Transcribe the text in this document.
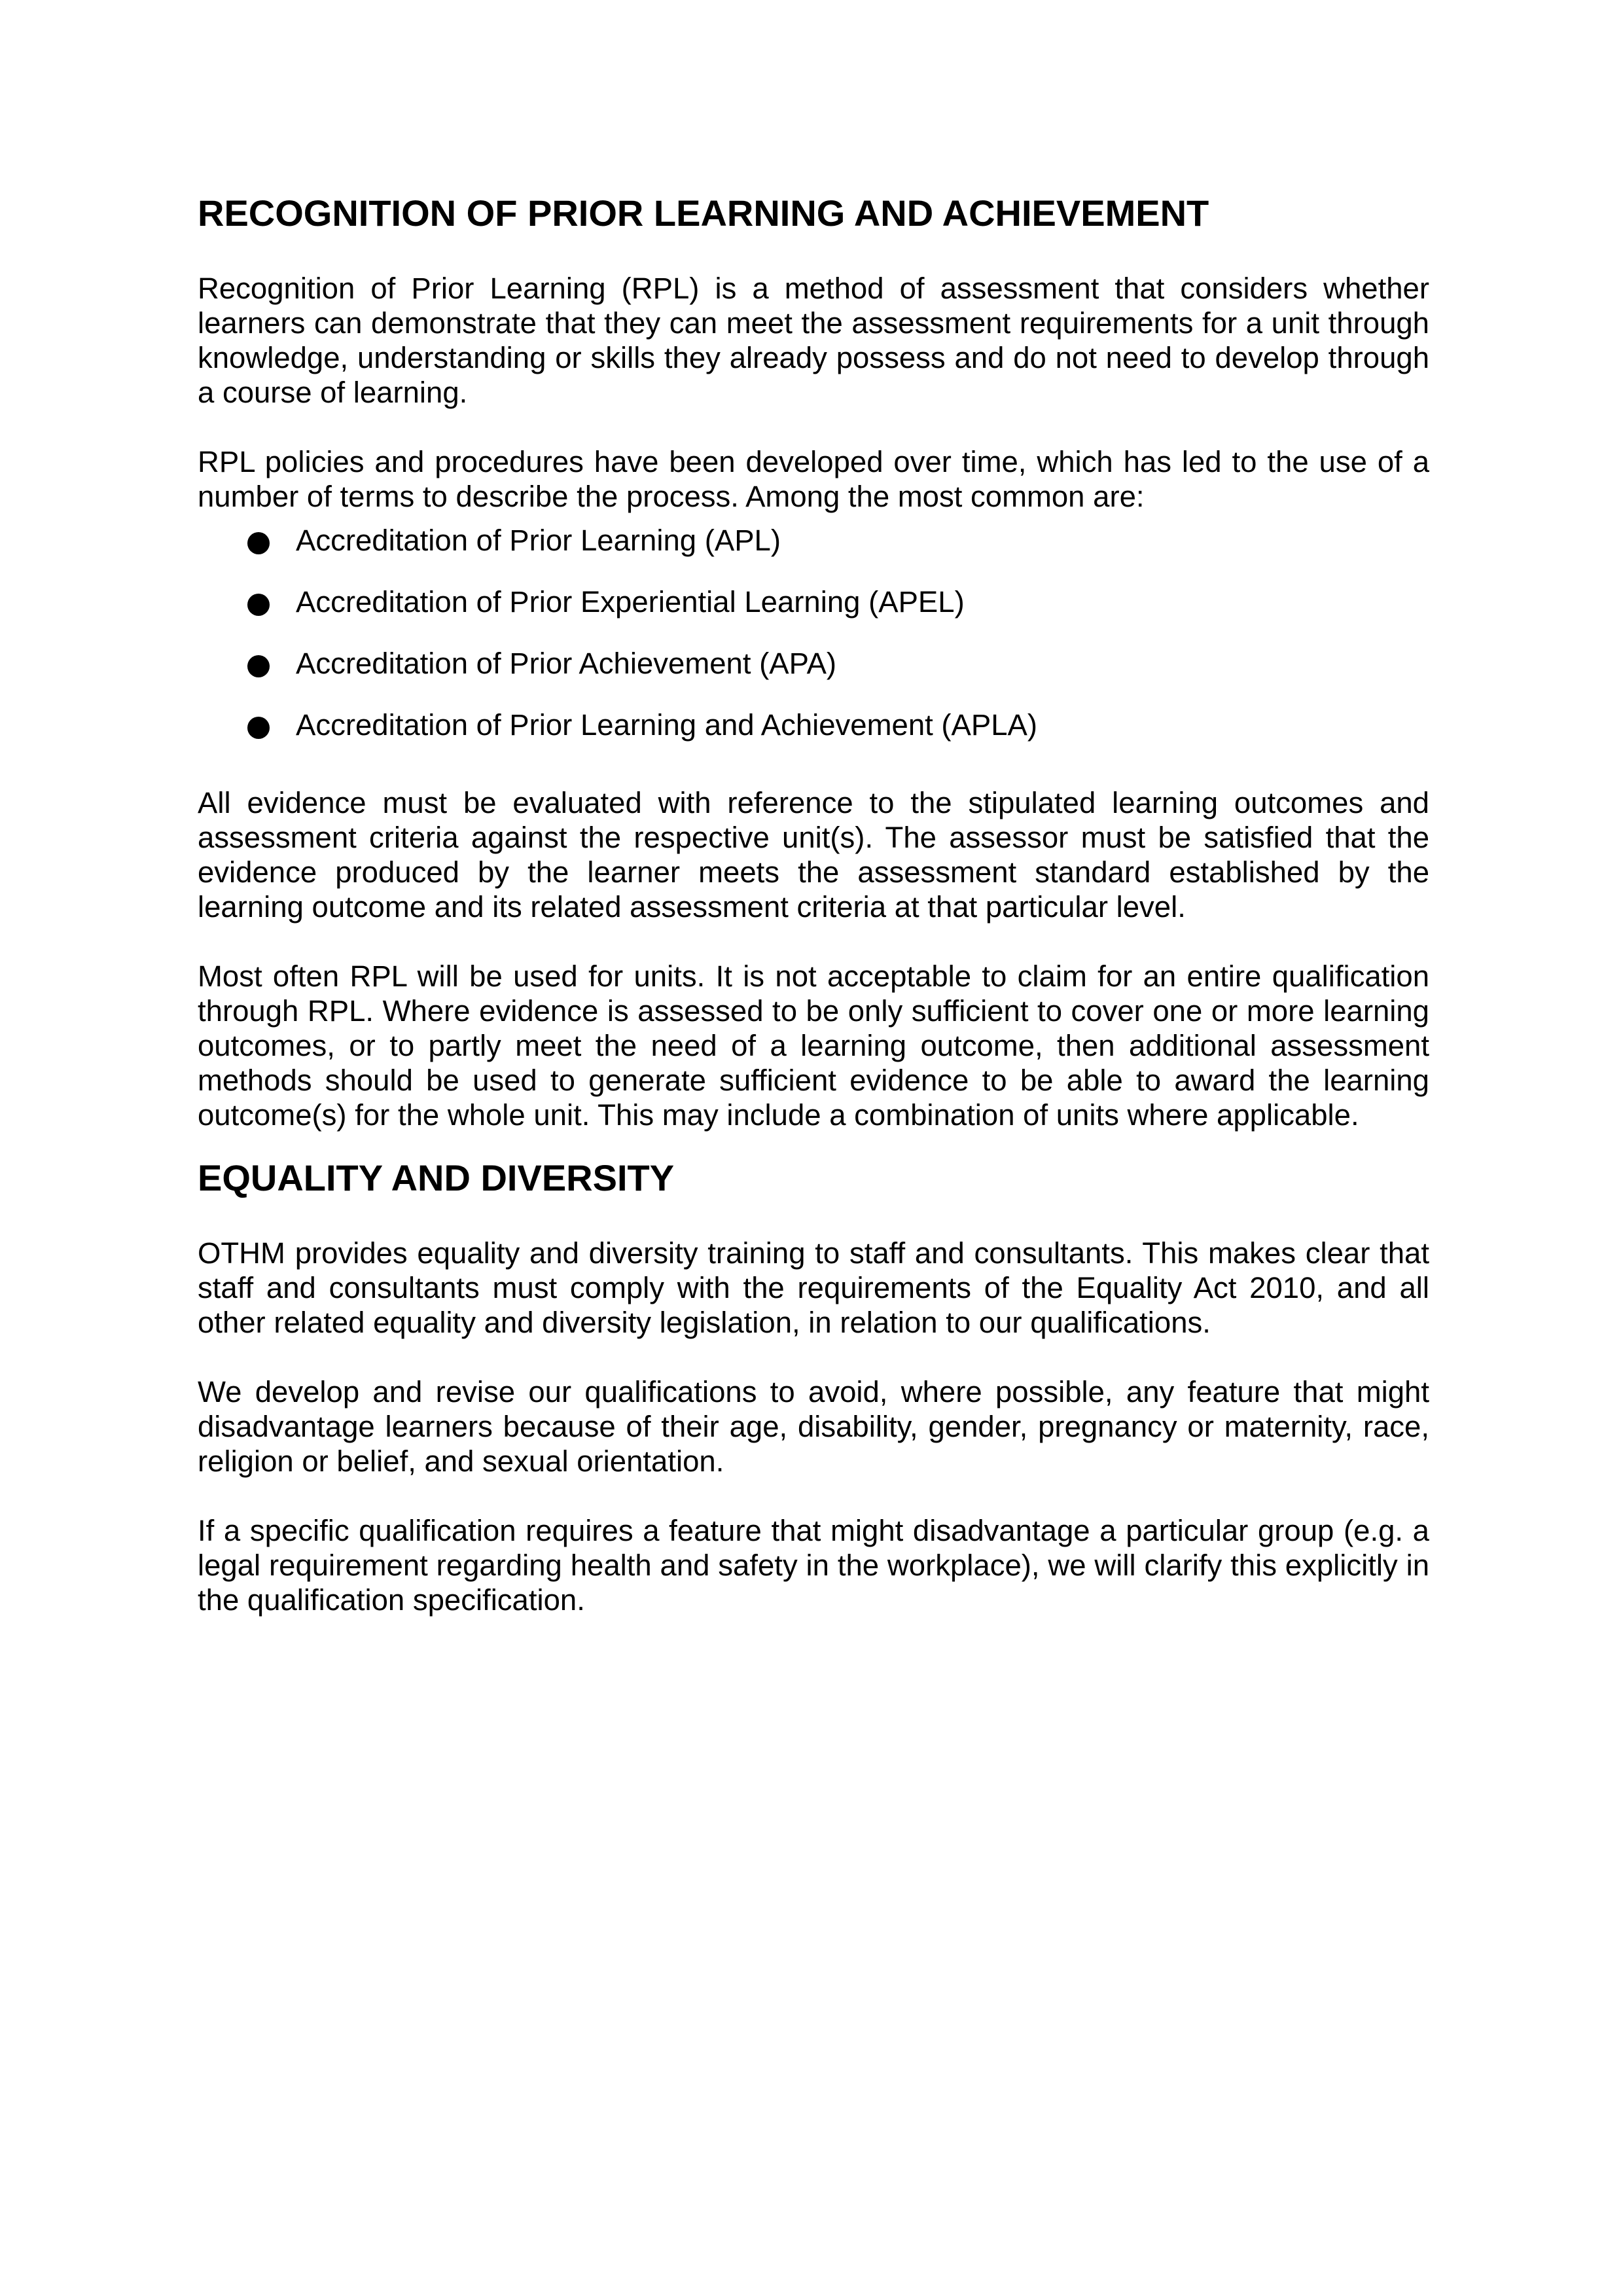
RECOGNITION OF PRIOR LEARNING AND ACHIEVEMENT

Recognition of Prior Learning (RPL) is a method of assessment that considers whether learners can demonstrate that they can meet the assessment requirements for a unit through knowledge, understanding or skills they already possess and do not need to develop through a course of learning.

RPL policies and procedures have been developed over time, which has led to the use of a number of terms to describe the process. Among the most common are:

Accreditation of Prior Learning (APL)
Accreditation of Prior Experiential Learning (APEL)
Accreditation of Prior Achievement (APA)
Accreditation of Prior Learning and Achievement (APLA)

All evidence must be evaluated with reference to the stipulated learning outcomes and assessment criteria against the respective unit(s). The assessor must be satisfied that the evidence produced by the learner meets the assessment standard established by the learning outcome and its related assessment criteria at that particular level.

Most often RPL will be used for units. It is not acceptable to claim for an entire qualification through RPL. Where evidence is assessed to be only sufficient to cover one or more learning outcomes, or to partly meet the need of a learning outcome, then additional assessment methods should be used to generate sufficient evidence to be able to award the learning outcome(s) for the whole unit. This may include a combination of units where applicable.

EQUALITY AND DIVERSITY

OTHM provides equality and diversity training to staff and consultants. This makes clear that staff and consultants must comply with the requirements of the Equality Act 2010, and all other related equality and diversity legislation, in relation to our qualifications.

We develop and revise our qualifications to avoid, where possible, any feature that might disadvantage learners because of their age, disability, gender, pregnancy or maternity, race, religion or belief, and sexual orientation.

If a specific qualification requires a feature that might disadvantage a particular group (e.g. a legal requirement regarding health and safety in the workplace), we will clarify this explicitly in the qualification specification.
